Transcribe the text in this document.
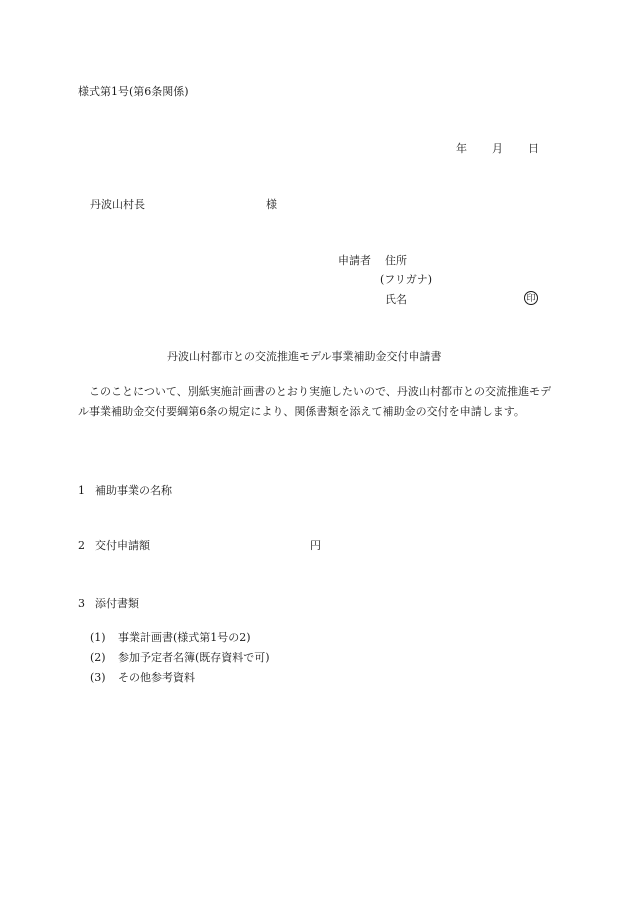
様式第1号(第6条関係)
年 月 日
丹波山村長	様
申請者 住所
(フリガナ)
氏名	印
丹波山村都市との交流推進モデル事業補助金交付申請書
このことについて、別紙実施計画書のとおり実施したいので、丹波山村都市との交流推進モデル事業補助金交付要綱第6条の規定により、関係書類を添えて補助金の交付を申請します。
1 補助事業の名称
2 交付申請額	円
3 添付書類
(1) 事業計画書(様式第1号の2)
(2) 参加予定者名簿(既存資料で可)
(3) その他参考資料
